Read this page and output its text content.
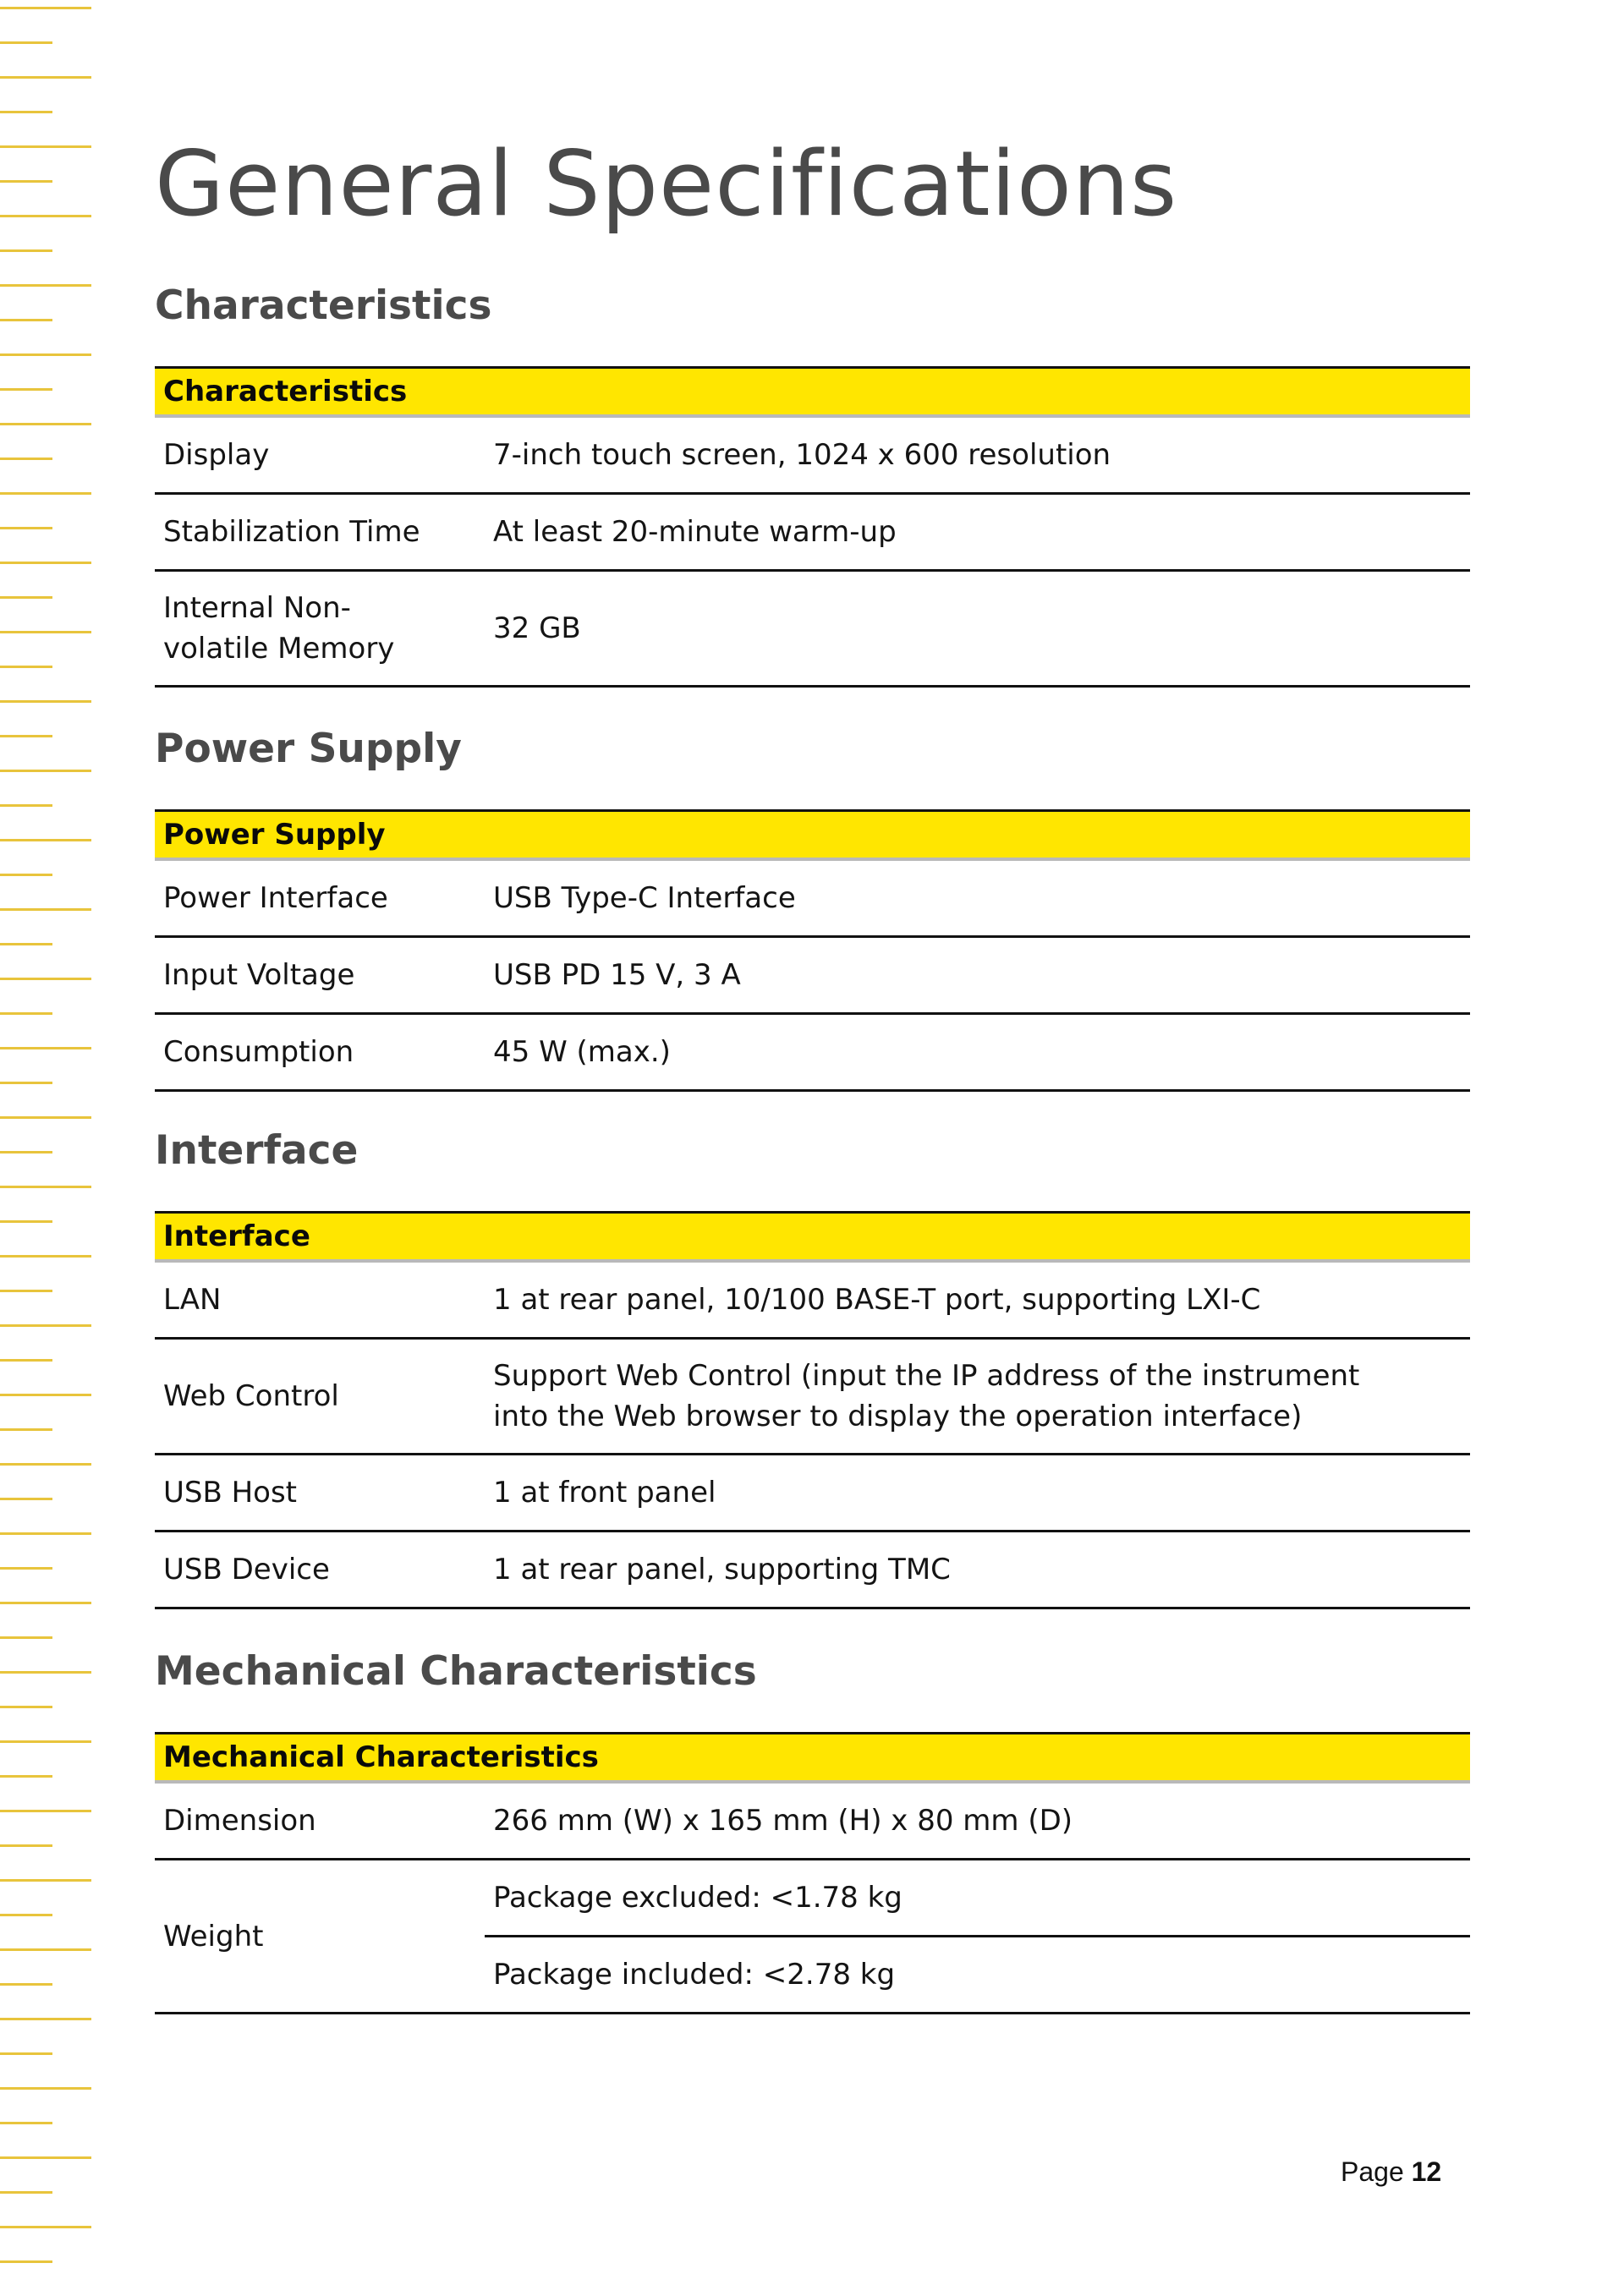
General Specifications
Characteristics
Characteristics	
Display	7-inch touch screen, 1024 x 600 resolution
Stabilization Time	At least 20-minute warm-up
Internal Non-volatile Memory	32 GB
Power Supply
Power Supply	
Power Interface	USB Type-C Interface
Input Voltage	USB PD 15 V, 3 A
Consumption	45 W (max.)
Interface
Interface	
LAN	1 at rear panel, 10/100 BASE-T port, supporting LXI-C
Web Control	Support Web Control (input the IP address of the instrument into the Web browser to display the operation interface)
USB Host	1 at front panel
USB Device	1 at rear panel, supporting TMC
Mechanical Characteristics
Mechanical Characteristics	
Dimension	266 mm (W) x 165 mm (H) x 80 mm (D)
Weight	Package excluded: <1.78 kg
	Package included: <2.78 kg
Page 12
